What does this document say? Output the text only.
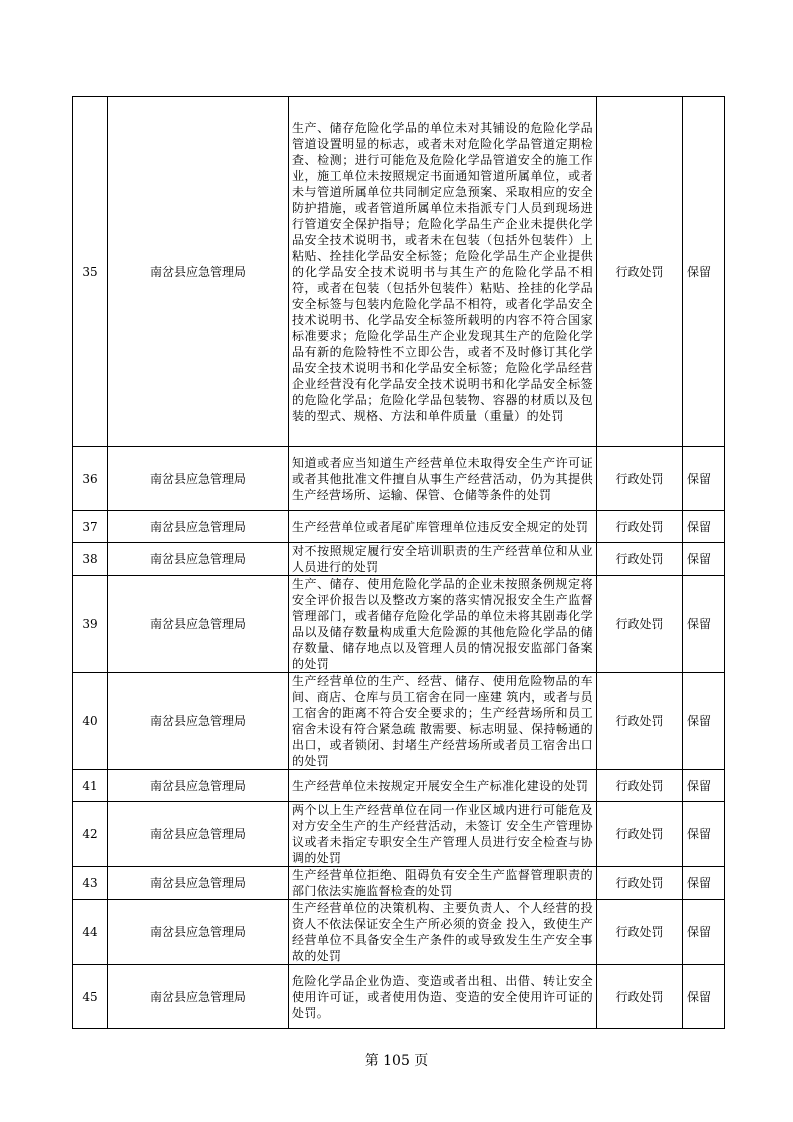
35	南岔县应急管理局	生产、储存危险化学品的单位未对其铺设的危险化学品管道设置明显的标志，或者未对危险化学品管道定期检查、检测；进行可能危及危险化学品管道安全的施工作业，施工单位未按照规定书面通知管道所属单位，或者未与管道所属单位共同制定应急预案、采取相应的安全防护措施，或者管道所属单位未指派专门人员到现场进行管道安全保护指导；危险化学品生产企业未提供化学品安全技术说明书，或者未在包装（包括外包装件）上粘贴、拴挂化学品安全标签；危险化学品生产企业提供的化学品安全技术说明书与其生产的危险化学品不相符，或者在包装（包括外包装件）粘贴、拴挂的化学品安全标签与包装内危险化学品不相符，或者化学品安全技术说明书、化学品安全标签所载明的内容不符合国家标准要求；危险化学品生产企业发现其生产的危险化学品有新的危险特性不立即公告，或者不及时修订其化学品安全技术说明书和化学品安全标签；危险化学品经营企业经营没有化学品安全技术说明书和化学品安全标签的危险化学品；危险化学品包装物、容器的材质以及包装的型式、规格、方法和单件质量（重量）的处罚	行政处罚	保留
36	南岔县应急管理局	知道或者应当知道生产经营单位未取得安全生产许可证或者其他批准文件擅自从事生产经营活动，仍为其提供生产经营场所、运输、保管、仓储等条件的处罚	行政处罚	保留
37	南岔县应急管理局	生产经营单位或者尾矿库管理单位违反安全规定的处罚	行政处罚	保留
38	南岔县应急管理局	对不按照规定履行安全培训职责的生产经营单位和从业人员进行的处罚	行政处罚	保留
39	南岔县应急管理局	生产、储存、使用危险化学品的企业未按照条例规定将安全评价报告以及整改方案的落实情况报安全生产监督管理部门，或者储存危险化学品的单位未将其剧毒化学品以及储存数量构成重大危险源的其他危险化学品的储存数量、储存地点以及管理人员的情况报安监部门备案的处罚	行政处罚	保留
40	南岔县应急管理局	生产经营单位的生产、经营、储存、使用危险物品的车间、商店、仓库与员工宿舍在同一座建 筑内，或者与员工宿舍的距离不符合安全要求的；生产经营场所和员工宿舍未设有符合紧急疏 散需要、标志明显、保持畅通的出口，或者锁闭、封堵生产经营场所或者员工宿舍出口的处罚	行政处罚	保留
41	南岔县应急管理局	生产经营单位未按规定开展安全生产标准化建设的处罚	行政处罚	保留
42	南岔县应急管理局	两个以上生产经营单位在同一作业区域内进行可能危及对方安全生产的生产经营活动，未签订 安全生产管理协议或者未指定专职安全生产管理人员进行安全检查与协调的处罚	行政处罚	保留
43	南岔县应急管理局	生产经营单位拒绝、阻碍负有安全生产监督管理职责的部门依法实施监督检查的处罚	行政处罚	保留
44	南岔县应急管理局	生产经营单位的决策机构、主要负责人、个人经营的投资人不依法保证安全生产所必须的资金 投入，致使生产经营单位不具备安全生产条件的或导致发生生产安全事故的处罚	行政处罚	保留
45	南岔县应急管理局	危险化学品企业伪造、变造或者出租、出借、转让安全使用许可证，或者使用伪造、变造的安全使用许可证的处罚。	行政处罚	保留
第 105 页
